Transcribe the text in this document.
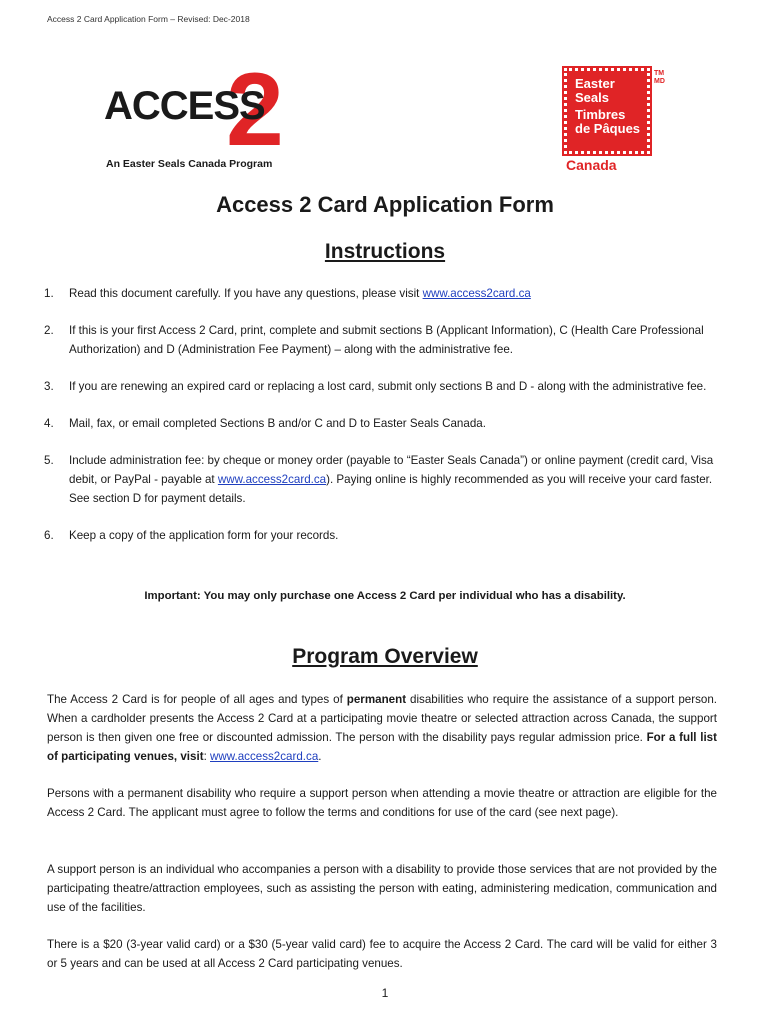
Access 2 Card Application Form – Revised: Dec-2018
2
ACCESS
An Easter Seals Canada Program
Easter
Seals
Timbres
de Pâques
TM
MD
Canada
Access 2 Card Application Form
Instructions
1. Read this document carefully. If you have any questions, please visit www.access2card.ca
2. If this is your first Access 2 Card, print, complete and submit sections B (Applicant Information), C (Health Care Professional Authorization) and D (Administration Fee Payment) – along with the administrative fee.
3. If you are renewing an expired card or replacing a lost card, submit only sections B and D - along with the administrative fee.
4. Mail, fax, or email completed Sections B and/or C and D to Easter Seals Canada.
5. Include administration fee: by cheque or money order (payable to “Easter Seals Canada”) or online payment (credit card, Visa debit, or PayPal - payable at www.access2card.ca). Paying online is highly recommended as you will receive your card faster. See section D for payment details.
6. Keep a copy of the application form for your records.
Important: You may only purchase one Access 2 Card per individual who has a disability.
Program Overview

The Access 2 Card is for people of all ages and types of permanent disabilities who require the assistance of a support person. When a cardholder presents the Access 2 Card at a participating movie theatre or selected attraction across Canada, the support person is then given one free or discounted admission. The person with the disability pays regular admission price. For a full list of participating venues, visit: www.access2card.ca.

Persons with a permanent disability who require a support person when attending a movie theatre or attraction are eligible for the Access 2 Card. The applicant must agree to follow the terms and conditions for use of the card (see next page).

A support person is an individual who accompanies a person with a disability to provide those services that are not provided by the participating theatre/attraction employees, such as assisting the person with eating, administering medication, communication and use of the facilities.

There is a $20 (3-year valid card) or a $30 (5-year valid card) fee to acquire the Access 2 Card. The card will be valid for either 3 or 5 years and can be used at all Access 2 Card participating venues.

1
